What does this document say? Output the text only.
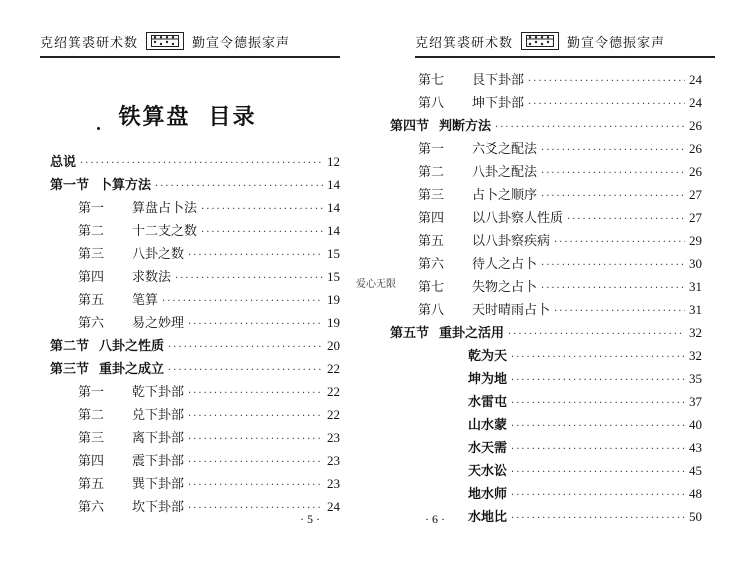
克绍箕裘研术数	勤宣令德振家声
铁算盘 目录
总说 ·····	12
第一节 卜算方法 ·····	14
第一	算盘占卜法 ·····	14
第二	十二支之数 ·····	14
第三	八卦之数 ·····	15
第四	求数法 ·····	15
第五	笔算 ·····	19
第六	易之妙理 ·····	19
第二节 八卦之性质 ·····	20
第三节 重卦之成立 ·····	22
第一	乾下卦部 ·····	22
第二	兑下卦部 ·····	22
第三	离下卦部 ·····	23
第四	震下卦部 ·····	23
第五	巽下卦部 ·····	23
第六	坎下卦部 ·····	24
· 5 ·
爱心无限
克绍箕裘研术数	勤宣令德振家声
第七	艮下卦部 ·····	24
第八	坤下卦部 ·····	24
第四节 判断方法 ·····	26
第一	六爻之配法 ·····	26
第二	八卦之配法 ·····	26
第三	占卜之顺序 ·····	27
第四	以八卦察人性质 ·····	27
第五	以八卦察疾病 ·····	29
第六	待人之占卜 ·····	30
第七	失物之占卜 ·····	31
第八	天时晴雨占卜 ·····	31
第五节 重卦之活用 ·····	32
乾为天 ·····	32
坤为地 ·····	35
水雷屯 ·····	37
山水蒙 ·····	40
水天需 ·····	43
天水讼 ·····	45
地水师 ·····	48
水地比 ·····	50
· 6 ·
